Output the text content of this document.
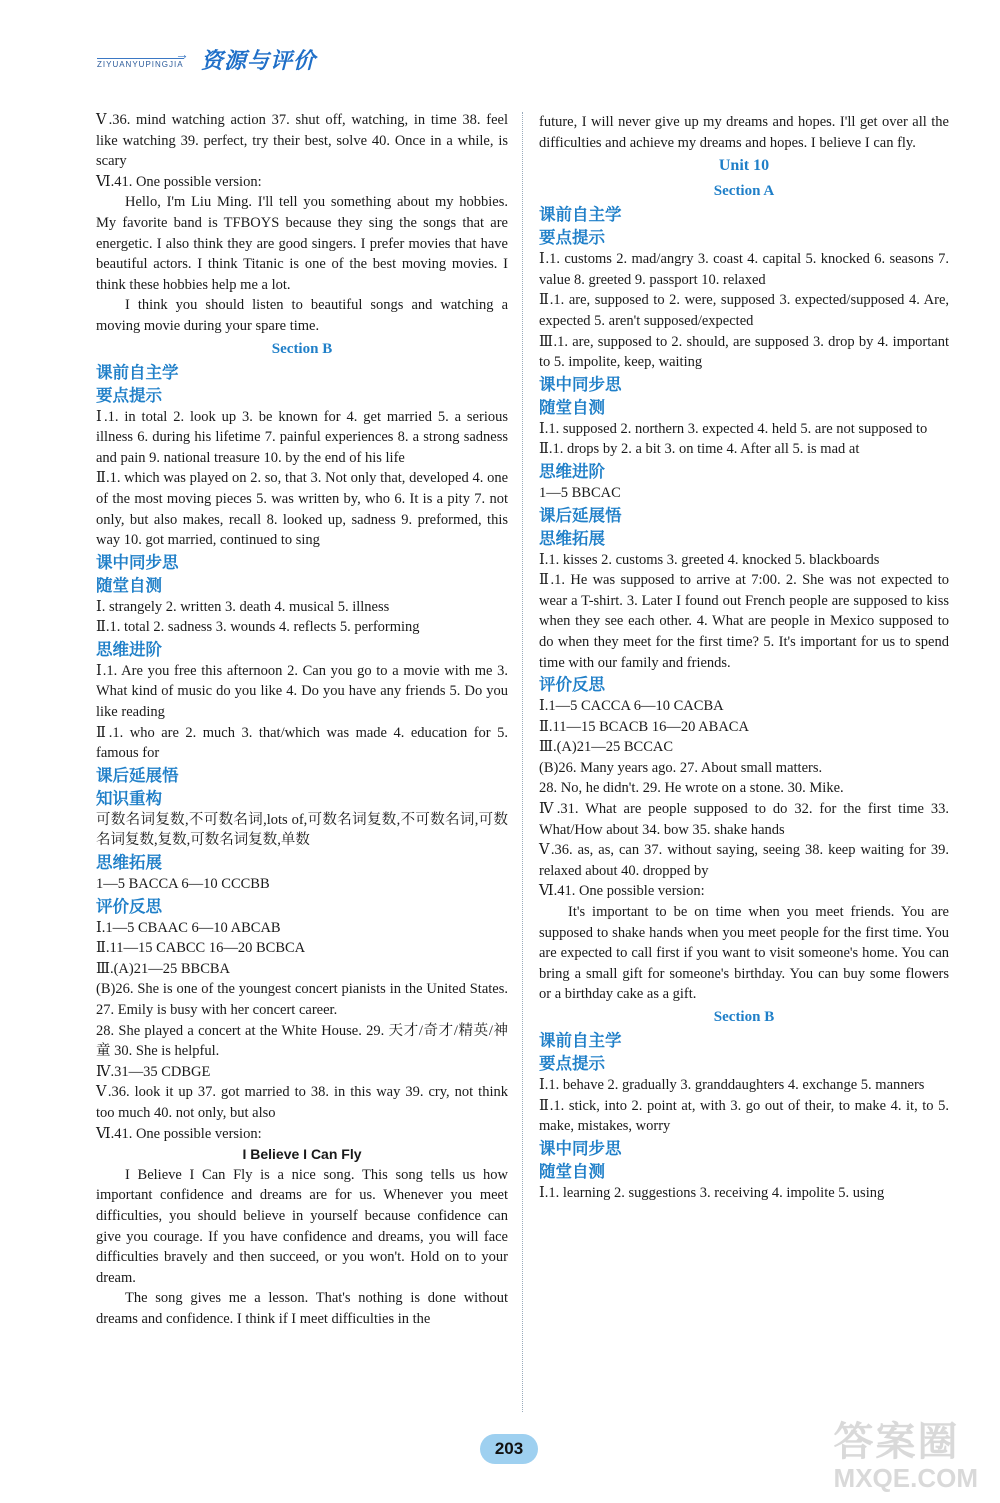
ZIYUANYUPINGJIA
→ 资源与评价

Ⅴ.36. mind watching action 37. shut off, watching, in time 38. feel like watching 39. perfect, try their best, solve 40. Once in a while, is scary

Ⅵ.41. One possible version:

Hello, I'm Liu Ming. I'll tell you something about my hobbies. My favorite band is TFBOYS because they sing the songs that are energetic. I also think they are good singers. I prefer movies that have beautiful actors. I think Titanic is one of the best moving movies. I think these hobbies help me a lot.

I think you should listen to beautiful songs and watching a moving movie during your spare time.

Section B

课前自主学

要点提示

Ⅰ.1. in total 2. look up 3. be known for 4. get married 5. a serious illness 6. during his lifetime 7. painful experiences 8. a strong sadness and pain 9. national treasure 10. by the end of his life

Ⅱ.1. which was played on 2. so, that 3. Not only that, developed 4. one of the most moving pieces 5. was written by, who 6. It is a pity 7. not only, but also makes, recall 8. looked up, sadness 9. preformed, this way 10. got married, continued to sing

课中同步思

随堂自测

Ⅰ. strangely 2. written 3. death 4. musical 5. illness

Ⅱ.1. total 2. sadness 3. wounds 4. reflects 5. performing

思维进阶

Ⅰ.1. Are you free this afternoon 2. Can you go to a movie with me 3. What kind of music do you like 4. Do you have any friends 5. Do you like reading

Ⅱ.1. who are 2. much 3. that/which was made 4. education for 5. famous for

课后延展悟

知识重构

可数名词复数,不可数名词,lots of,可数名词复数,不可数名词,可数名词复数,复数,可数名词复数,单数

思维拓展

1—5 BACCA 6—10 CCCBB

评价反思

Ⅰ.1—5 CBAAC 6—10 ABCAB

Ⅱ.11—15 CABCC 16—20 BCBCA

Ⅲ.(A)21—25 BBCBA

(B)26. She is one of the youngest concert pianists in the United States. 27. Emily is busy with her concert career.

28. She played a concert at the White House. 29. 天才/奇才/精英/神童 30. She is helpful.

Ⅳ.31—35 CDBGE

Ⅴ.36. look it up 37. got married to 38. in this way 39. cry, not think too much 40. not only, but also

Ⅵ.41. One possible version:

I Believe I Can Fly

I Believe I Can Fly is a nice song. This song tells us how important confidence and dreams are for us. Whenever you meet difficulties, you should believe in yourself because confidence can give you courage. If you have confidence and dreams, you will face difficulties bravely and then succeed, or you won't. Hold on to your dream.

The song gives me a lesson. That's nothing is done without dreams and confidence. I think if I meet difficulties in the

future, I will never give up my dreams and hopes. I'll get over all the difficulties and achieve my dreams and hopes. I believe I can fly.

Unit 10

Section A

课前自主学

要点提示

Ⅰ.1. customs 2. mad/angry 3. coast 4. capital 5. knocked 6. seasons 7. value 8. greeted 9. passport 10. relaxed

Ⅱ.1. are, supposed to 2. were, supposed 3. expected/supposed 4. Are, expected 5. aren't supposed/expected

Ⅲ.1. are, supposed to 2. should, are supposed 3. drop by 4. important to 5. impolite, keep, waiting

课中同步思

随堂自测

Ⅰ.1. supposed 2. northern 3. expected 4. held 5. are not supposed to

Ⅱ.1. drops by 2. a bit 3. on time 4. After all 5. is mad at

思维进阶

1—5 BBCAC

课后延展悟

思维拓展

Ⅰ.1. kisses 2. customs 3. greeted 4. knocked 5. blackboards

Ⅱ.1. He was supposed to arrive at 7:00. 2. She was not expected to wear a T-shirt. 3. Later I found out French people are supposed to kiss when they see each other. 4. What are people in Mexico supposed to do when they meet for the first time? 5. It's important for us to spend time with our family and friends.

评价反思

Ⅰ.1—5 CACCA 6—10 CACBA

Ⅱ.11—15 BCACB 16—20 ABACA

Ⅲ.(A)21—25 BCCAC

(B)26. Many years ago. 27. About small matters.

28. No, he didn't. 29. He wrote on a stone. 30. Mike.

Ⅳ.31. What are people supposed to do 32. for the first time 33. What/How about 34. bow 35. shake hands

Ⅴ.36. as, as, can 37. without saying, seeing 38. keep waiting for 39. relaxed about 40. dropped by

Ⅵ.41. One possible version:

It's important to be on time when you meet friends. You are supposed to shake hands when you meet people for the first time. You are expected to call first if you want to visit someone's home. You can bring a small gift for someone's birthday. You can buy some flowers or a birthday cake as a gift.

Section B

课前自主学

要点提示

Ⅰ.1. behave 2. gradually 3. granddaughters 4. exchange 5. manners

Ⅱ.1. stick, into 2. point at, with 3. go out of their, to make 4. it, to 5. make, mistakes, worry

课中同步思

随堂自测

Ⅰ.1. learning 2. suggestions 3. receiving 4. impolite 5. using

203	答案圈
MXQE.COM
